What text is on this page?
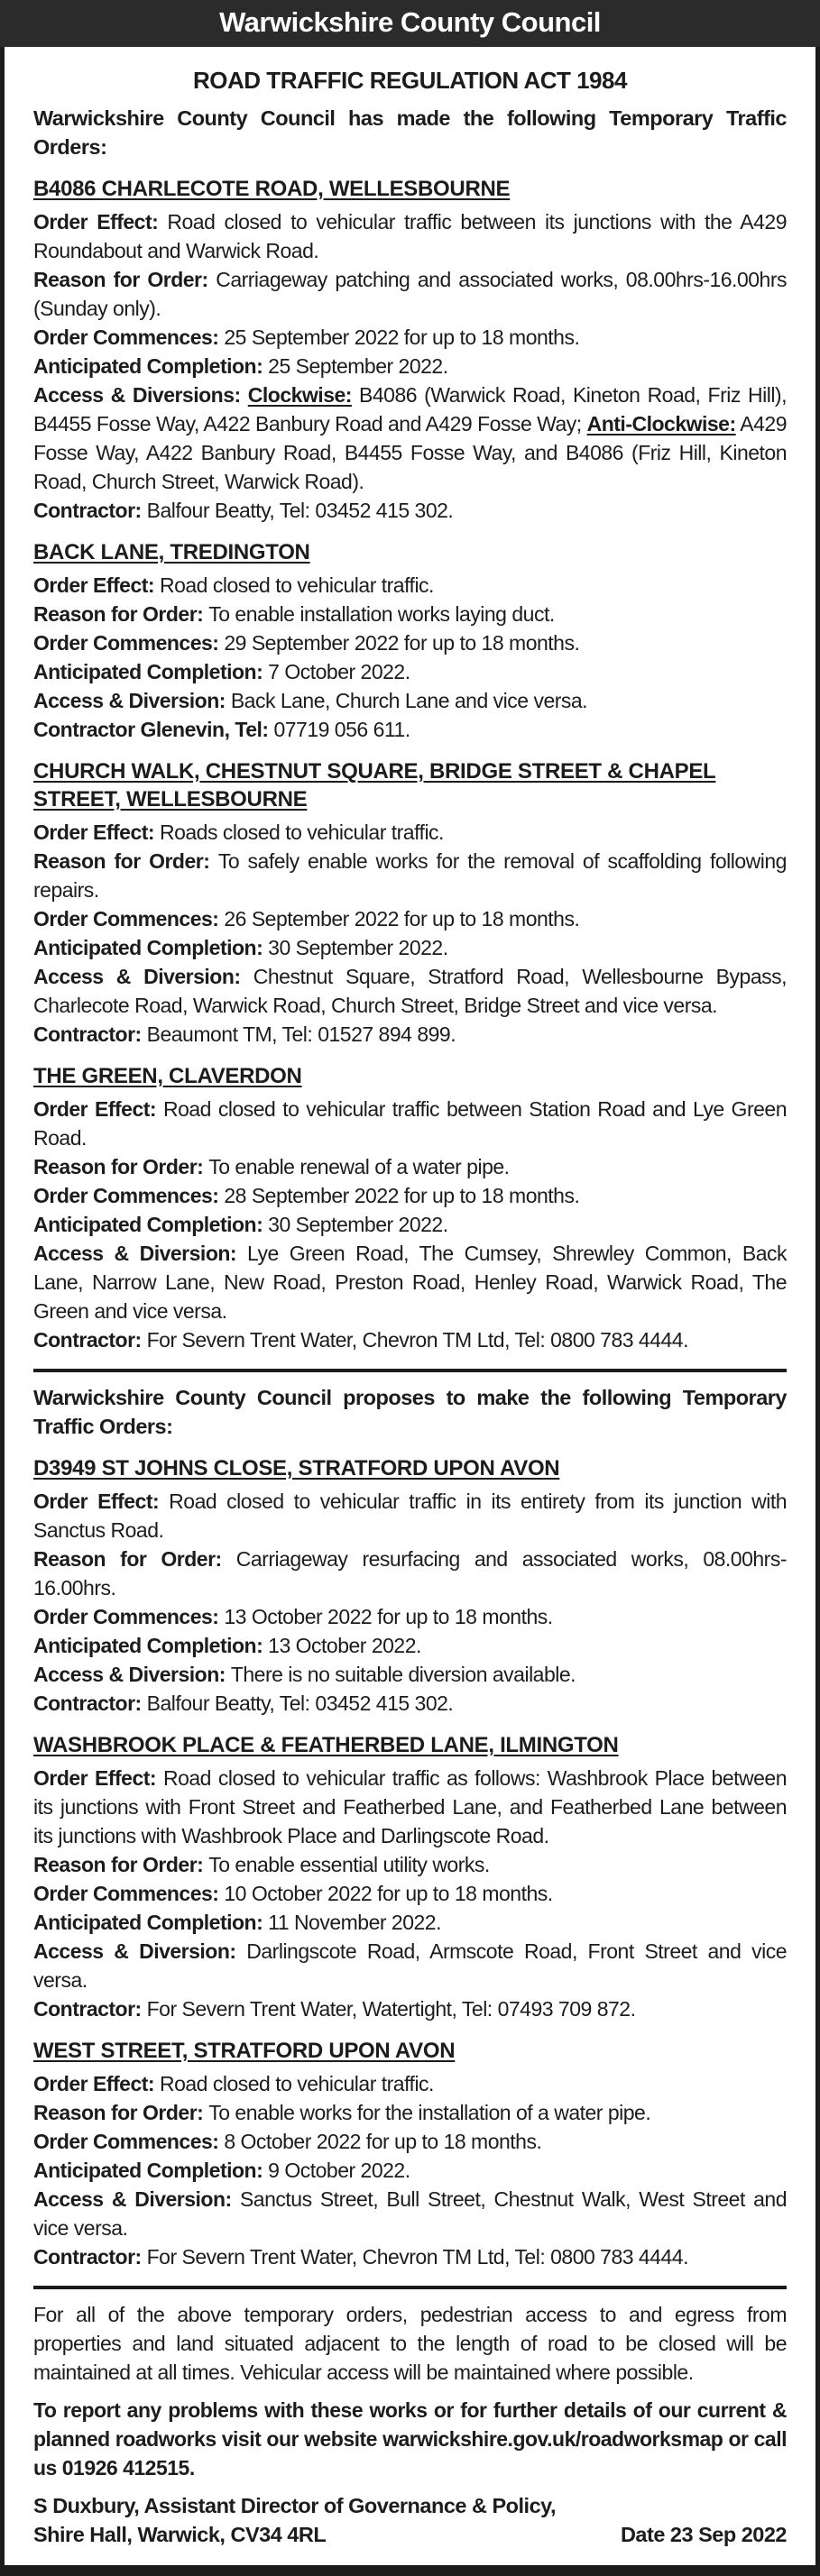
Warwickshire County Council
ROAD TRAFFIC REGULATION ACT 1984
Warwickshire County Council has made the following Temporary Traffic Orders:
B4086 CHARLECOTE ROAD, WELLESBOURNE
Order Effect: Road closed to vehicular traffic between its junctions with the A429 Roundabout and Warwick Road.
Reason for Order: Carriageway patching and associated works, 08.00hrs-16.00hrs (Sunday only).
Order Commences: 25 September 2022 for up to 18 months.
Anticipated Completion: 25 September 2022.
Access & Diversions: Clockwise: B4086 (Warwick Road, Kineton Road, Friz Hill), B4455 Fosse Way, A422 Banbury Road and A429 Fosse Way; Anti-Clockwise: A429 Fosse Way, A422 Banbury Road, B4455 Fosse Way, and B4086 (Friz Hill, Kineton Road, Church Street, Warwick Road).
Contractor: Balfour Beatty, Tel: 03452 415 302.
BACK LANE, TREDINGTON
Order Effect: Road closed to vehicular traffic.
Reason for Order: To enable installation works laying duct.
Order Commences: 29 September 2022 for up to 18 months.
Anticipated Completion: 7 October 2022.
Access & Diversion: Back Lane, Church Lane and vice versa.
Contractor Glenevin, Tel: 07719 056 611.
CHURCH WALK, CHESTNUT SQUARE, BRIDGE STREET & CHAPEL STREET, WELLESBOURNE
Order Effect: Roads closed to vehicular traffic.
Reason for Order: To safely enable works for the removal of scaffolding following repairs.
Order Commences: 26 September 2022 for up to 18 months.
Anticipated Completion: 30 September 2022.
Access & Diversion: Chestnut Square, Stratford Road, Wellesbourne Bypass, Charlecote Road, Warwick Road, Church Street, Bridge Street and vice versa.
Contractor: Beaumont TM, Tel: 01527 894 899.
THE GREEN, CLAVERDON
Order Effect: Road closed to vehicular traffic between Station Road and Lye Green Road.
Reason for Order: To enable renewal of a water pipe.
Order Commences: 28 September 2022 for up to 18 months.
Anticipated Completion: 30 September 2022.
Access & Diversion: Lye Green Road, The Cumsey, Shrewley Common, Back Lane, Narrow Lane, New Road, Preston Road, Henley Road, Warwick Road, The Green and vice versa.
Contractor: For Severn Trent Water, Chevron TM Ltd, Tel: 0800 783 4444.
Warwickshire County Council proposes to make the following Temporary Traffic Orders:
D3949 ST JOHNS CLOSE, STRATFORD UPON AVON
Order Effect: Road closed to vehicular traffic in its entirety from its junction with Sanctus Road.
Reason for Order: Carriageway resurfacing and associated works, 08.00hrs-16.00hrs.
Order Commences: 13 October 2022 for up to 18 months.
Anticipated Completion: 13 October 2022.
Access & Diversion: There is no suitable diversion available.
Contractor: Balfour Beatty, Tel: 03452 415 302.
WASHBROOK PLACE & FEATHERBED LANE, ILMINGTON
Order Effect: Road closed to vehicular traffic as follows: Washbrook Place between its junctions with Front Street and Featherbed Lane, and Featherbed Lane between its junctions with Washbrook Place and Darlingscote Road.
Reason for Order: To enable essential utility works.
Order Commences: 10 October 2022 for up to 18 months.
Anticipated Completion: 11 November 2022.
Access & Diversion: Darlingscote Road, Armscote Road, Front Street and vice versa.
Contractor: For Severn Trent Water, Watertight, Tel: 07493 709 872.
WEST STREET, STRATFORD UPON AVON
Order Effect: Road closed to vehicular traffic.
Reason for Order: To enable works for the installation of a water pipe.
Order Commences: 8 October 2022 for up to 18 months.
Anticipated Completion: 9 October 2022.
Access & Diversion: Sanctus Street, Bull Street, Chestnut Walk, West Street and vice versa.
Contractor: For Severn Trent Water, Chevron TM Ltd, Tel: 0800 783 4444.
For all of the above temporary orders, pedestrian access to and egress from properties and land situated adjacent to the length of road to be closed will be maintained at all times. Vehicular access will be maintained where possible.
To report any problems with these works or for further details of our current & planned roadworks visit our website warwickshire.gov.uk/roadworksmap or call us 01926 412515.
S Duxbury, Assistant Director of Governance & Policy,
Shire Hall, Warwick, CV34 4RL	Date 23 Sep 2022
